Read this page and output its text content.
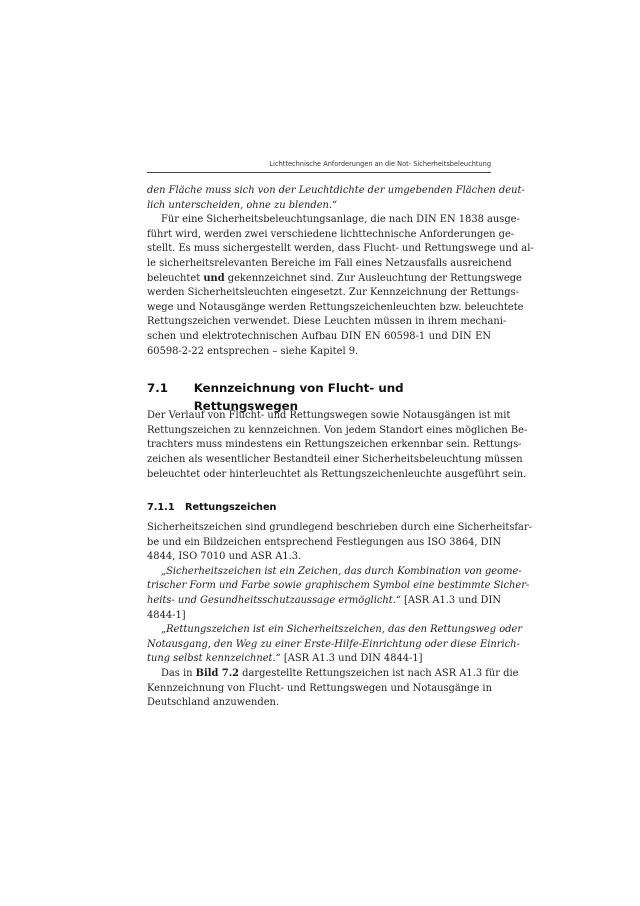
Lichttechnische Anforderungen an die Not- Sicherheitsbeleuchtung
den Fläche muss sich von der Leuchtdichte der umgebenden Flächen deut-
lich unterscheiden, ohne zu blenden.“
Für eine Sicherheitsbeleuchtungsanlage, die nach DIN EN 1838 ausge-
führt wird, werden zwei verschiedene lichttechnische Anforderungen ge-
stellt. Es muss sichergestellt werden, dass Flucht- und Rettungswege und al-
le sicherheitsrelevanten Bereiche im Fall eines Netzausfalls ausreichend
beleuchtet und gekennzeichnet sind. Zur Ausleuchtung der Rettungswege
werden Sicherheitsleuchten eingesetzt. Zur Kennzeichnung der Rettungs-
wege und Notausgänge werden Rettungszeichenleuchten bzw. beleuchtete
Rettungszeichen verwendet. Diese Leuchten müssen in ihrem mechani-
schen und elektrotechnischen Aufbau DIN EN 60598-1 und DIN EN
60598-2-22 entsprechen – siehe Kapitel 9.
7.1	Kennzeichnung von Flucht- und Rettungswegen
Der Verlauf von Flucht- und Rettungswegen sowie Notausgängen ist mit
Rettungszeichen zu kennzeichnen. Von jedem Standort eines möglichen Be-
trachters muss mindestens ein Rettungszeichen erkennbar sein. Rettungs-
zeichen als wesentlicher Bestandteil einer Sicherheitsbeleuchtung müssen
beleuchtet oder hinterleuchtet als Rettungszeichenleuchte ausgeführt sein.
7.1.1	Rettungszeichen
Sicherheitszeichen sind grundlegend beschrieben durch eine Sicherheitsfar-
be und ein Bildzeichen entsprechend Festlegungen aus ISO 3864, DIN
4844, ISO 7010 und ASR A1.3.
„Sicherheitszeichen ist ein Zeichen, das durch Kombination von geome-
trischer Form und Farbe sowie graphischem Symbol eine bestimmte Sicher-
heits- und Gesundheitsschutzaussage ermöglicht.“ [ASR A1.3 und DIN
4844-1]
„Rettungszeichen ist ein Sicherheitszeichen, das den Rettungsweg oder
Notausgang, den Weg zu einer Erste-Hilfe-Einrichtung oder diese Einrich-
tung selbst kennzeichnet.“ [ASR A1.3 und DIN 4844-1]
Das in Bild 7.2 dargestellte Rettungszeichen ist nach ASR A1.3 für die
Kennzeichnung von Flucht- und Rettungswegen und Notausgänge in
Deutschland anzuwenden.
